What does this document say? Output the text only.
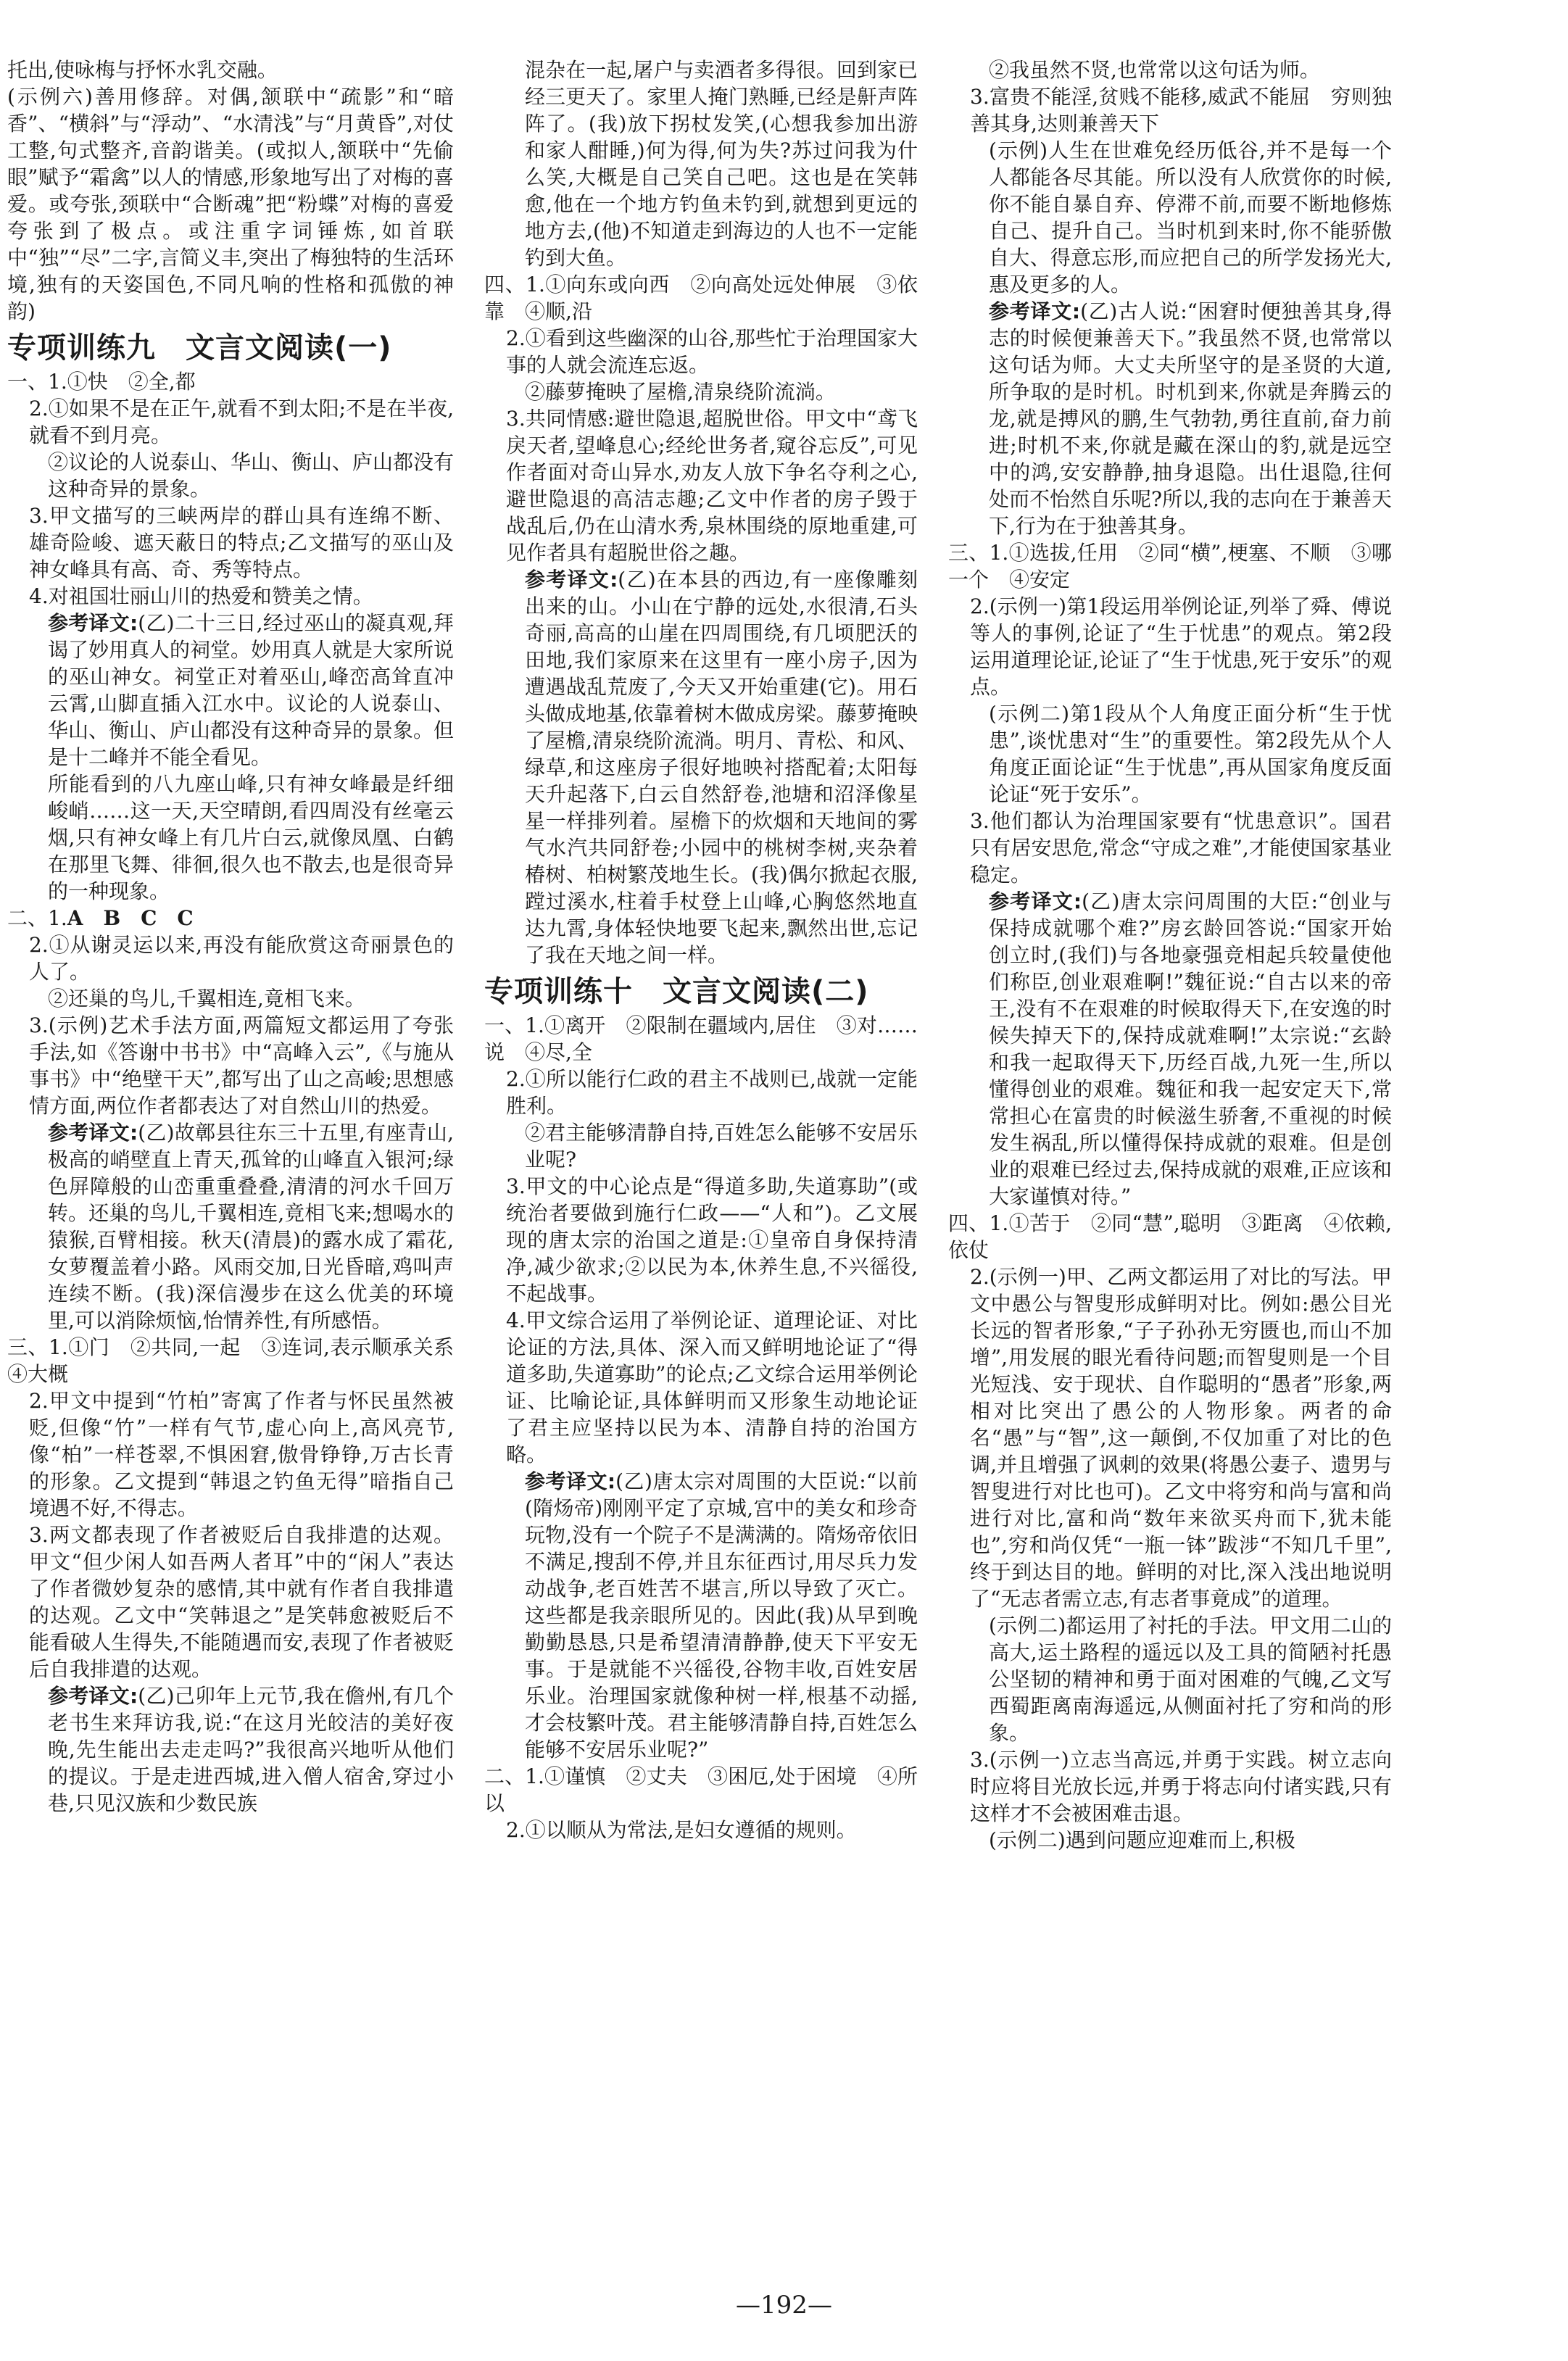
托出,使咏梅与抒怀水乳交融。

(示例六)善用修辞。对偶,颔联中“疏影”和“暗香”、“横斜”与“浮动”、“水清浅”与“月黄昏”,对仗工整,句式整齐,音韵谐美。(或拟人,颔联中“先偷眼”赋予“霜禽”以人的情感,形象地写出了对梅的喜爱。或夸张,颈联中“合断魂”把“粉蝶”对梅的喜爱夸张到了极点。或注重字词锤炼,如首联中“独”“尽”二字,言简义丰,突出了梅独特的生活环境,独有的天姿国色,不同凡响的性格和孤傲的神韵)

专项训练九　文言文阅读(一)

一、1.①快　②全,都

2.①如果不是在正午,就看不到太阳;不是在半夜,就看不到月亮。

②议论的人说泰山、华山、衡山、庐山都没有这种奇异的景象。

3.甲文描写的三峡两岸的群山具有连绵不断、雄奇险峻、遮天蔽日的特点;乙文描写的巫山及神女峰具有高、奇、秀等特点。

4.对祖国壮丽山川的热爱和赞美之情。

参考译文:(乙)二十三日,经过巫山的凝真观,拜谒了妙用真人的祠堂。妙用真人就是大家所说的巫山神女。祠堂正对着巫山,峰峦高耸直冲云霄,山脚直插入江水中。议论的人说泰山、华山、衡山、庐山都没有这种奇异的景象。但是十二峰并不能全看见。

所能看到的八九座山峰,只有神女峰最是纤细峻峭……这一天,天空晴朗,看四周没有丝毫云烟,只有神女峰上有几片白云,就像凤凰、白鹤在那里飞舞、徘徊,很久也不散去,也是很奇异的一种现象。

二、1.A　B　C　C

2.①从谢灵运以来,再没有能欣赏这奇丽景色的人了。

②还巢的鸟儿,千翼相连,竟相飞来。

3.(示例)艺术手法方面,两篇短文都运用了夸张手法,如《答谢中书书》中“高峰入云”,《与施从事书》中“绝壁干天”,都写出了山之高峻;思想感情方面,两位作者都表达了对自然山川的热爱。

参考译文:(乙)故鄣县往东三十五里,有座青山,极高的峭壁直上青天,孤耸的山峰直入银河;绿色屏障般的山峦重重叠叠,清清的河水千回万转。还巢的鸟儿,千翼相连,竟相飞来;想喝水的猿猴,百臂相接。秋天(清晨)的露水成了霜花,女萝覆盖着小路。风雨交加,日光昏暗,鸡叫声连续不断。(我)深信漫步在这么优美的环境里,可以消除烦恼,怡情养性,有所感悟。

三、1.①门　②共同,一起　③连词,表示顺承关系　④大概

2.甲文中提到“竹柏”寄寓了作者与怀民虽然被贬,但像“竹”一样有气节,虚心向上,高风亮节,像“柏”一样苍翠,不惧困窘,傲骨铮铮,万古长青的形象。乙文提到“韩退之钓鱼无得”暗指自己境遇不好,不得志。

3.两文都表现了作者被贬后自我排遣的达观。甲文“但少闲人如吾两人者耳”中的“闲人”表达了作者微妙复杂的感情,其中就有作者自我排遣的达观。乙文中“笑韩退之”是笑韩愈被贬后不能看破人生得失,不能随遇而安,表现了作者被贬后自我排遣的达观。

参考译文:(乙)己卯年上元节,我在儋州,有几个老书生来拜访我,说:“在这月光皎洁的美好夜晚,先生能出去走走吗?”我很高兴地听从他们的提议。于是走进西城,进入僧人宿舍,穿过小巷,只见汉族和少数民族

混杂在一起,屠户与卖酒者多得很。回到家已经三更天了。家里人掩门熟睡,已经是鼾声阵阵了。(我)放下拐杖发笑,(心想我参加出游和家人酣睡,)何为得,何为失?苏过问我为什么笑,大概是自己笑自己吧。这也是在笑韩愈,他在一个地方钓鱼未钓到,就想到更远的地方去,(他)不知道走到海边的人也不一定能钓到大鱼。

四、1.①向东或向西　②向高处远处伸展　③依靠　④顺,沿

2.①看到这些幽深的山谷,那些忙于治理国家大事的人就会流连忘返。

②藤萝掩映了屋檐,清泉绕阶流淌。

3.共同情感:避世隐退,超脱世俗。甲文中“鸢飞戾天者,望峰息心;经纶世务者,窥谷忘反”,可见作者面对奇山异水,劝友人放下争名夺利之心,避世隐退的高洁志趣;乙文中作者的房子毁于战乱后,仍在山清水秀,泉林围绕的原地重建,可见作者具有超脱世俗之趣。

参考译文:(乙)在本县的西边,有一座像雕刻出来的山。小山在宁静的远处,水很清,石头奇丽,高高的山崖在四周围绕,有几顷肥沃的田地,我们家原来在这里有一座小房子,因为遭遇战乱荒废了,今天又开始重建(它)。用石头做成地基,依靠着树木做成房梁。藤萝掩映了屋檐,清泉绕阶流淌。明月、青松、和风、绿草,和这座房子很好地映衬搭配着;太阳每天升起落下,白云自然舒卷,池塘和沼泽像星星一样排列着。屋檐下的炊烟和天地间的雾气水汽共同舒卷;小园中的桃树李树,夹杂着椿树、柏树繁茂地生长。(我)偶尔掀起衣服,蹚过溪水,柱着手杖登上山峰,心胸悠然地直达九霄,身体轻快地要飞起来,飘然出世,忘记了我在天地之间一样。

专项训练十　文言文阅读(二)

一、1.①离开　②限制在疆域内,居住　③对……说　④尽,全

2.①所以能行仁政的君主不战则已,战就一定能胜利。

②君主能够清静自持,百姓怎么能够不安居乐业呢?

3.甲文的中心论点是“得道多助,失道寡助”(或统治者要做到施行仁政——“人和”)。乙文展现的唐太宗的治国之道是:①皇帝自身保持清净,减少欲求;②以民为本,休养生息,不兴徭役,不起战事。

4.甲文综合运用了举例论证、道理论证、对比论证的方法,具体、深入而又鲜明地论证了“得道多助,失道寡助”的论点;乙文综合运用举例论证、比喻论证,具体鲜明而又形象生动地论证了君主应坚持以民为本、清静自持的治国方略。

参考译文:(乙)唐太宗对周围的大臣说:“以前(隋炀帝)刚刚平定了京城,宫中的美女和珍奇玩物,没有一个院子不是满满的。隋炀帝依旧不满足,搜刮不停,并且东征西讨,用尽兵力发动战争,老百姓苦不堪言,所以导致了灭亡。这些都是我亲眼所见的。因此(我)从早到晚勤勤恳恳,只是希望清清静静,使天下平安无事。于是就能不兴徭役,谷物丰收,百姓安居乐业。治理国家就像种树一样,根基不动摇,才会枝繁叶茂。君主能够清静自持,百姓怎么能够不安居乐业呢?”

二、1.①谨慎　②丈夫　③困厄,处于困境　④所以

2.①以顺从为常法,是妇女遵循的规则。

②我虽然不贤,也常常以这句话为师。

3.富贵不能淫,贫贱不能移,威武不能屈　穷则独善其身,达则兼善天下

(示例)人生在世难免经历低谷,并不是每一个人都能各尽其能。所以没有人欣赏你的时候,你不能自暴自弃、停滞不前,而要不断地修炼自己、提升自己。当时机到来时,你不能骄傲自大、得意忘形,而应把自己的所学发扬光大,惠及更多的人。

参考译文:(乙)古人说:“困窘时便独善其身,得志的时候便兼善天下。”我虽然不贤,也常常以这句话为师。大丈夫所坚守的是圣贤的大道,所争取的是时机。时机到来,你就是奔腾云的龙,就是搏风的鹏,生气勃勃,勇往直前,奋力前进;时机不来,你就是藏在深山的豹,就是远空中的鸿,安安静静,抽身退隐。出仕退隐,往何处而不怡然自乐呢?所以,我的志向在于兼善天下,行为在于独善其身。

三、1.①选拔,任用　②同“横”,梗塞、不顺　③哪一个　④安定

2.(示例一)第1段运用举例论证,列举了舜、傅说等人的事例,论证了“生于忧患”的观点。第2段运用道理论证,论证了“生于忧患,死于安乐”的观点。

(示例二)第1段从个人角度正面分析“生于忧患”,谈忧患对“生”的重要性。第2段先从个人角度正面论证“生于忧患”,再从国家角度反面论证“死于安乐”。

3.他们都认为治理国家要有“忧患意识”。国君只有居安思危,常念“守成之难”,才能使国家基业稳定。

参考译文:(乙)唐太宗问周围的大臣:“创业与保持成就哪个难?”房玄龄回答说:“国家开始创立时,(我们)与各地豪强竞相起兵较量使他们称臣,创业艰难啊!”魏征说:“自古以来的帝王,没有不在艰难的时候取得天下,在安逸的时候失掉天下的,保持成就难啊!”太宗说:“玄龄和我一起取得天下,历经百战,九死一生,所以懂得创业的艰难。魏征和我一起安定天下,常常担心在富贵的时候滋生骄奢,不重视的时候发生祸乱,所以懂得保持成就的艰难。但是创业的艰难已经过去,保持成就的艰难,正应该和大家谨慎对待。”

四、1.①苦于　②同“慧”,聪明　③距离　④依赖,依仗

2.(示例一)甲、乙两文都运用了对比的写法。甲文中愚公与智叟形成鲜明对比。例如:愚公目光长远的智者形象,“子子孙孙无穷匮也,而山不加增”,用发展的眼光看待问题;而智叟则是一个目光短浅、安于现状、自作聪明的“愚者”形象,两相对比突出了愚公的人物形象。两者的命名“愚”与“智”,这一颠倒,不仅加重了对比的色调,并且增强了讽刺的效果(将愚公妻子、遗男与智叟进行对比也可)。乙文中将穷和尚与富和尚进行对比,富和尚“数年来欲买舟而下,犹未能也”,穷和尚仅凭“一瓶一钵”跋涉“不知几千里”,终于到达目的地。鲜明的对比,深入浅出地说明了“无志者需立志,有志者事竟成”的道理。

(示例二)都运用了衬托的手法。甲文用二山的高大,运土路程的遥远以及工具的简陋衬托愚公坚韧的精神和勇于面对困难的气魄,乙文写西蜀距离南海遥远,从侧面衬托了穷和尚的形象。

3.(示例一)立志当高远,并勇于实践。树立志向时应将目光放长远,并勇于将志向付诸实践,只有这样才不会被困难击退。

(示例二)遇到问题应迎难而上,积极

—192—
